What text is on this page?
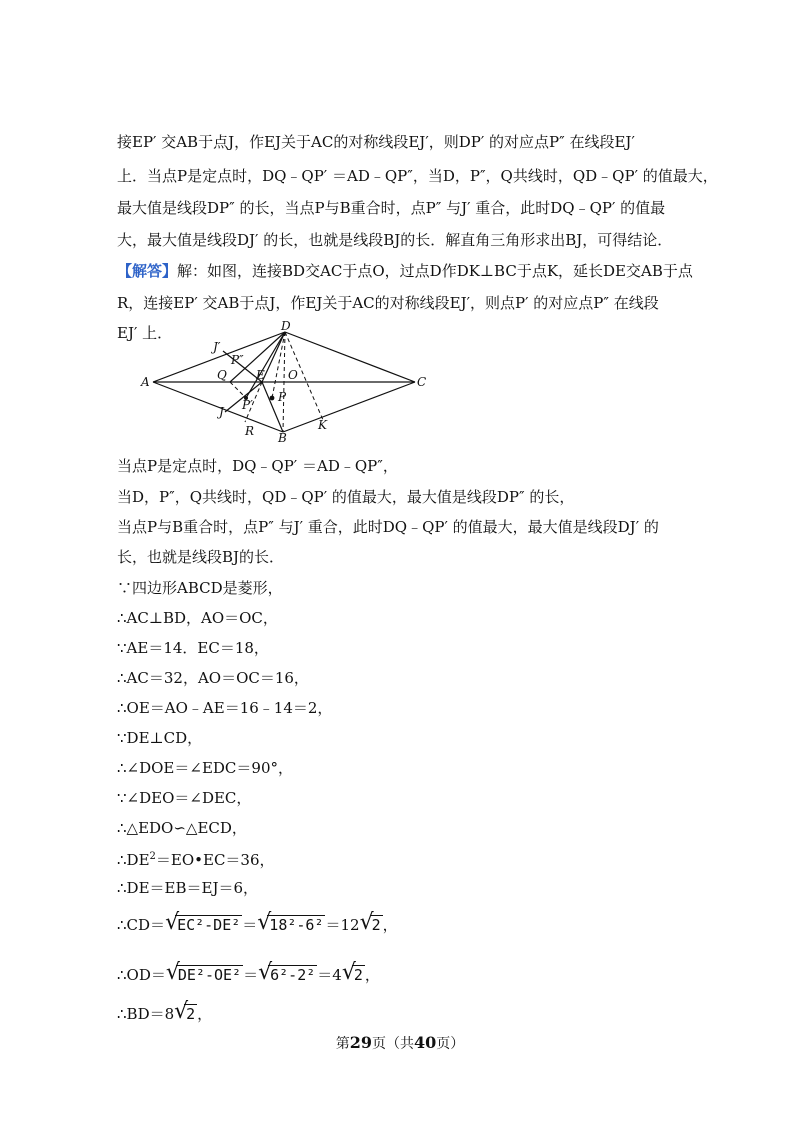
接EP′ 交AB于点J，作EJ关于AC的对称线段EJ′，则DP′ 的对应点P″ 在线段EJ′
上．当点P是定点时，DQ﹣QP′ ＝AD﹣QP″，当D，P″，Q共线时，QD﹣QP′ 的值最大，
最大值是线段DP″ 的长，当点P与B重合时，点P″ 与J′ 重合，此时DQ﹣QP′ 的值最
大，最大值是线段DJ′ 的长，也就是线段BJ的长．解直角三角形求出BJ，可得结论．
【解答】解：如图，连接BD交AC于点O，过点D作DK⊥BC于点K，延长DE交AB于点
R，连接EP′ 交AB于点J，作EJ关于AC的对称线段EJ′，则点P′ 的对应点P″ 在线段
EJ′ 上．	D
J′
P″
Q E O
A	C
J P′
P
R B
K
当点P是定点时，DQ﹣QP′ ＝AD﹣QP″，
当D，P″，Q共线时，QD﹣QP′ 的值最大，最大值是线段DP″ 的长，
当点P与B重合时，点P″ 与J′ 重合，此时DQ﹣QP′ 的值最大，最大值是线段DJ′ 的
长，也就是线段BJ的长．
∵四边形ABCD是菱形，
∴AC⊥BD，AO＝OC，
∵AE＝14．EC＝18，
∴AC＝32，AO＝OC＝16，
∴OE＝AO﹣AE＝16﹣14＝2，
∵DE⊥CD，
∴∠DOE＝∠EDC＝90°，
∵∠DEO＝∠DEC，
∴△EDO∽△ECD，
$\therefore DE^2=EO•EC=36$，
∴DE＝EB＝EJ＝6，
∴CD＝ √
EC²-DE² ＝ √
18²-6² ＝12 √
2 ，
∴OD＝ √
DE²-OE² ＝ √
6²-2² ＝4 √
2 ，
∴BD＝8 √
2 ，
第29页（共40页）
